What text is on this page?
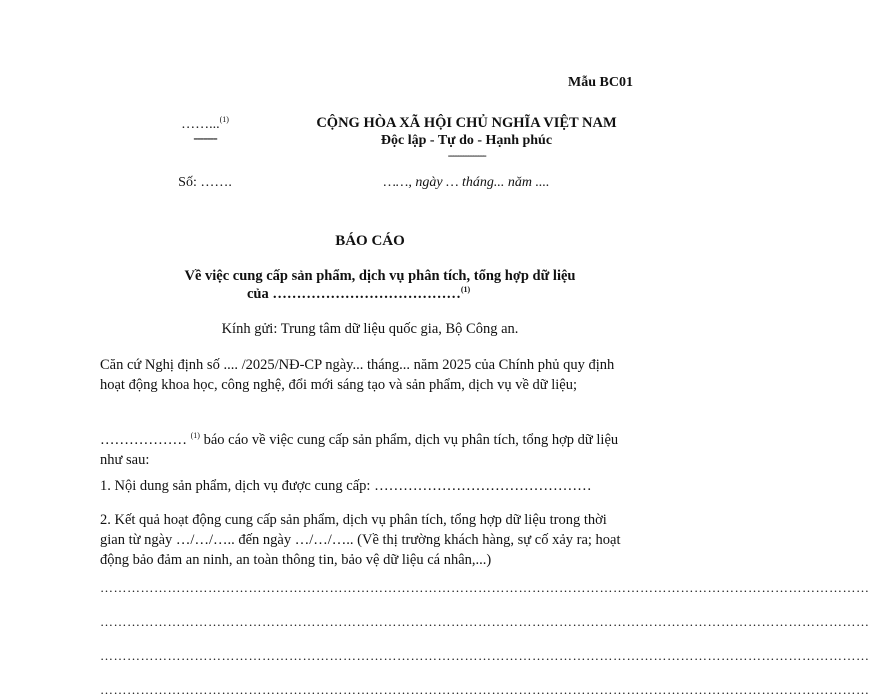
Mẫu BC01
……...$^{(1)}$
-------
Số: …….
CỘNG HÒA XÃ HỘI CHỦ NGHĨA VIỆT NAM
Độc lập - Tự do - Hạnh phúc
---------------
……, ngày … tháng... năm ....
BÁO CÁO
Về việc cung cấp sản phẩm, dịch vụ phân tích, tổng hợp dữ liệu
của …………………………………$^{(1)}$
Kính gửi: Trung tâm dữ liệu quốc gia, Bộ Công an.
Căn cứ Nghị định số .... /2025/NĐ-CP ngày... tháng... năm 2025 của Chính phủ quy định hoạt động khoa học, công nghệ, đổi mới sáng tạo và sản phẩm, dịch vụ về dữ liệu;
……………… $^{(1)}$ báo cáo về việc cung cấp sản phẩm, dịch vụ phân tích, tổng hợp dữ liệu như sau:
1. Nội dung sản phẩm, dịch vụ được cung cấp: ………………………………………
2. Kết quả hoạt động cung cấp sản phẩm, dịch vụ phân tích, tổng hợp dữ liệu trong thời gian từ ngày …/…/….. đến ngày …/…/….. (Về thị trường khách hàng, sự cố xảy ra; hoạt động bảo đảm an ninh, an toàn thông tin, bảo vệ dữ liệu cá nhân,...)
………………………………………………………………………………………………………………………………………………………
………………………………………………………………………………………………………………………………………………………
………………………………………………………………………………………………………………………………………………………
………………………………………………………………………………………………………………………………………………………
